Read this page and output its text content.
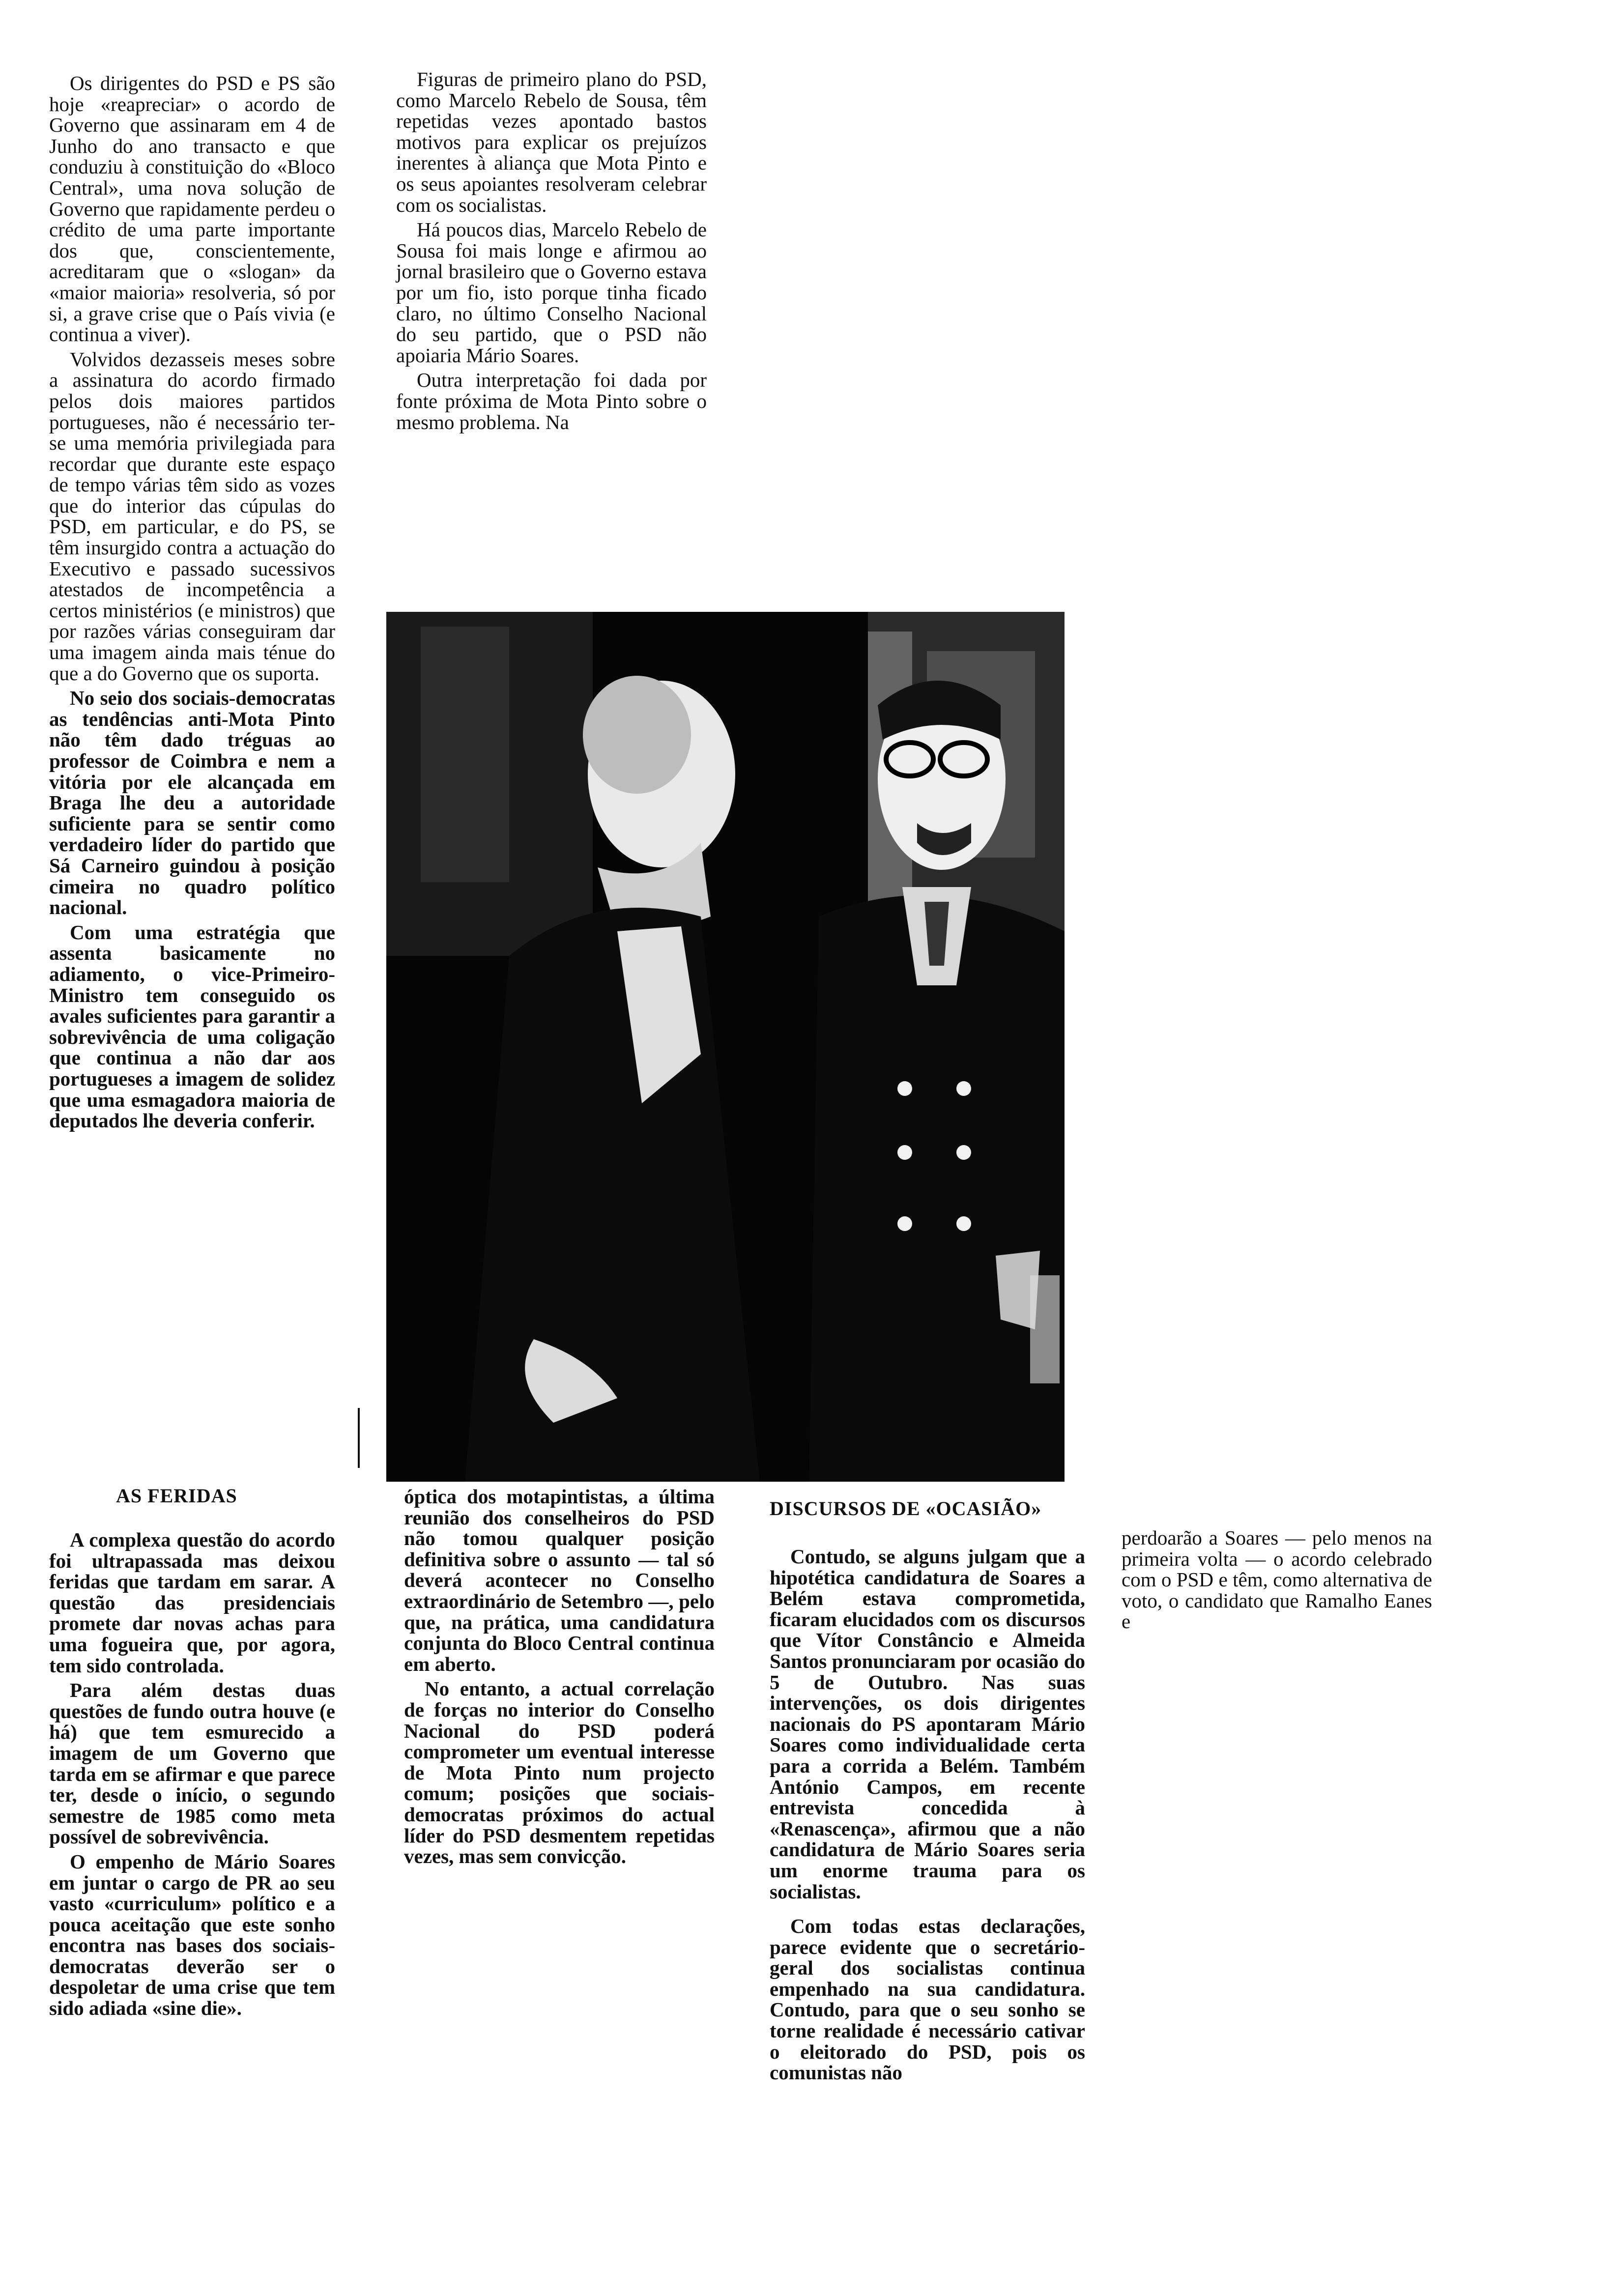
Os dirigentes do PSD e PS são hoje «reapreciar» o acordo de Governo que assinaram em 4 de Junho do ano transacto e que conduziu à constituição do «Bloco Central», uma nova solução de Governo que rapidamente perdeu o crédito de uma parte importante dos que, conscientemente, acreditaram que o «slogan» da «maior maioria» resolveria, só por si, a grave crise que o País vivia (e continua a viver).

Volvidos dezasseis meses sobre a assinatura do acordo firmado pelos dois maiores partidos portugueses, não é necessário ter-se uma memória privilegiada para recordar que durante este espaço de tempo várias têm sido as vozes que do interior das cúpulas do PSD, em particular, e do PS, se têm insurgido contra a actuação do Executivo e passado sucessivos atestados de incompetência a certos ministérios (e ministros) que por razões várias conseguiram dar uma imagem ainda mais ténue do que a do Governo que os suporta.

No seio dos sociais-democratas as tendências anti-Mota Pinto não têm dado tréguas ao professor de Coimbra e nem a vitória por ele alcançada em Braga lhe deu a autoridade suficiente para se sentir como verdadeiro líder do partido que Sá Carneiro guindou à posição cimeira no quadro político nacional.

Com uma estratégia que assenta basicamente no adiamento, o vice-Primeiro-Ministro tem conseguido os avales suficientes para garantir a sobrevivência de uma coligação que continua a não dar aos portugueses a imagem de solidez que uma esmagadora maioria de deputados lhe deveria conferir.

AS FERIDAS

A complexa questão do acordo foi ultrapassada mas deixou feridas que tardam em sarar. A questão das presidenciais promete dar novas achas para uma fogueira que, por agora, tem sido controlada.

Para além destas duas questões de fundo outra houve (e há) que tem esmurecido a imagem de um Governo que tarda em se afirmar e que parece ter, desde o início, o segundo semestre de 1985 como meta possível de sobrevivência.

O empenho de Mário Soares em juntar o cargo de PR ao seu vasto «curriculum» político e a pouca aceitação que este sonho encontra nas bases dos sociais-democratas deverão ser o despoletar de uma crise que tem sido adiada «sine die».

Figuras de primeiro plano do PSD, como Marcelo Rebelo de Sousa, têm repetidas vezes apontado bastos motivos para explicar os prejuízos inerentes à aliança que Mota Pinto e os seus apoiantes resolveram celebrar com os socialistas.

Há poucos dias, Marcelo Rebelo de Sousa foi mais longe e afirmou ao jornal brasileiro que o Governo estava por um fio, isto porque tinha ficado claro, no último Conselho Nacional do seu partido, que o PSD não apoiaria Mário Soares.

Outra interpretação foi dada por fonte próxima de Mota Pinto sobre o mesmo problema. Na

óptica dos motapintistas, a última reunião dos conselheiros do PSD não tomou qualquer posição definitiva sobre o assunto — tal só deverá acontecer no Conselho extraordinário de Setembro —, pelo que, na prática, uma candidatura conjunta do Bloco Central continua em aberto.

No entanto, a actual correlação de forças no interior do Conselho Nacional do PSD poderá comprometer um eventual interesse de Mota Pinto num projecto comum; posições que sociais-democratas próximos do actual líder do PSD desmentem repetidas vezes, mas sem convicção.

DISCURSOS DE «OCASIÃO»

Contudo, se alguns julgam que a hipotética candidatura de Soares a Belém estava comprometida, ficaram elucidados com os discursos que Vítor Constâncio e Almeida Santos pronunciaram por ocasião do 5 de Outubro. Nas suas intervenções, os dois dirigentes nacionais do PS apontaram Mário Soares como individualidade certa para a corrida a Belém. Também António Campos, em recente entrevista concedida à «Renascença», afirmou que a não candidatura de Mário Soares seria um enorme trauma para os socialistas.

Com todas estas declarações, parece evidente que o secretário-geral dos socialistas continua empenhado na sua candidatura. Contudo, para que o seu sonho se torne realidade é necessário cativar o eleitorado do PSD, pois os comunistas não

perdoarão a Soares — pelo menos na primeira volta — o acordo celebrado com o PSD e têm, como alternativa de voto, o candidato que Ramalho Eanes e
